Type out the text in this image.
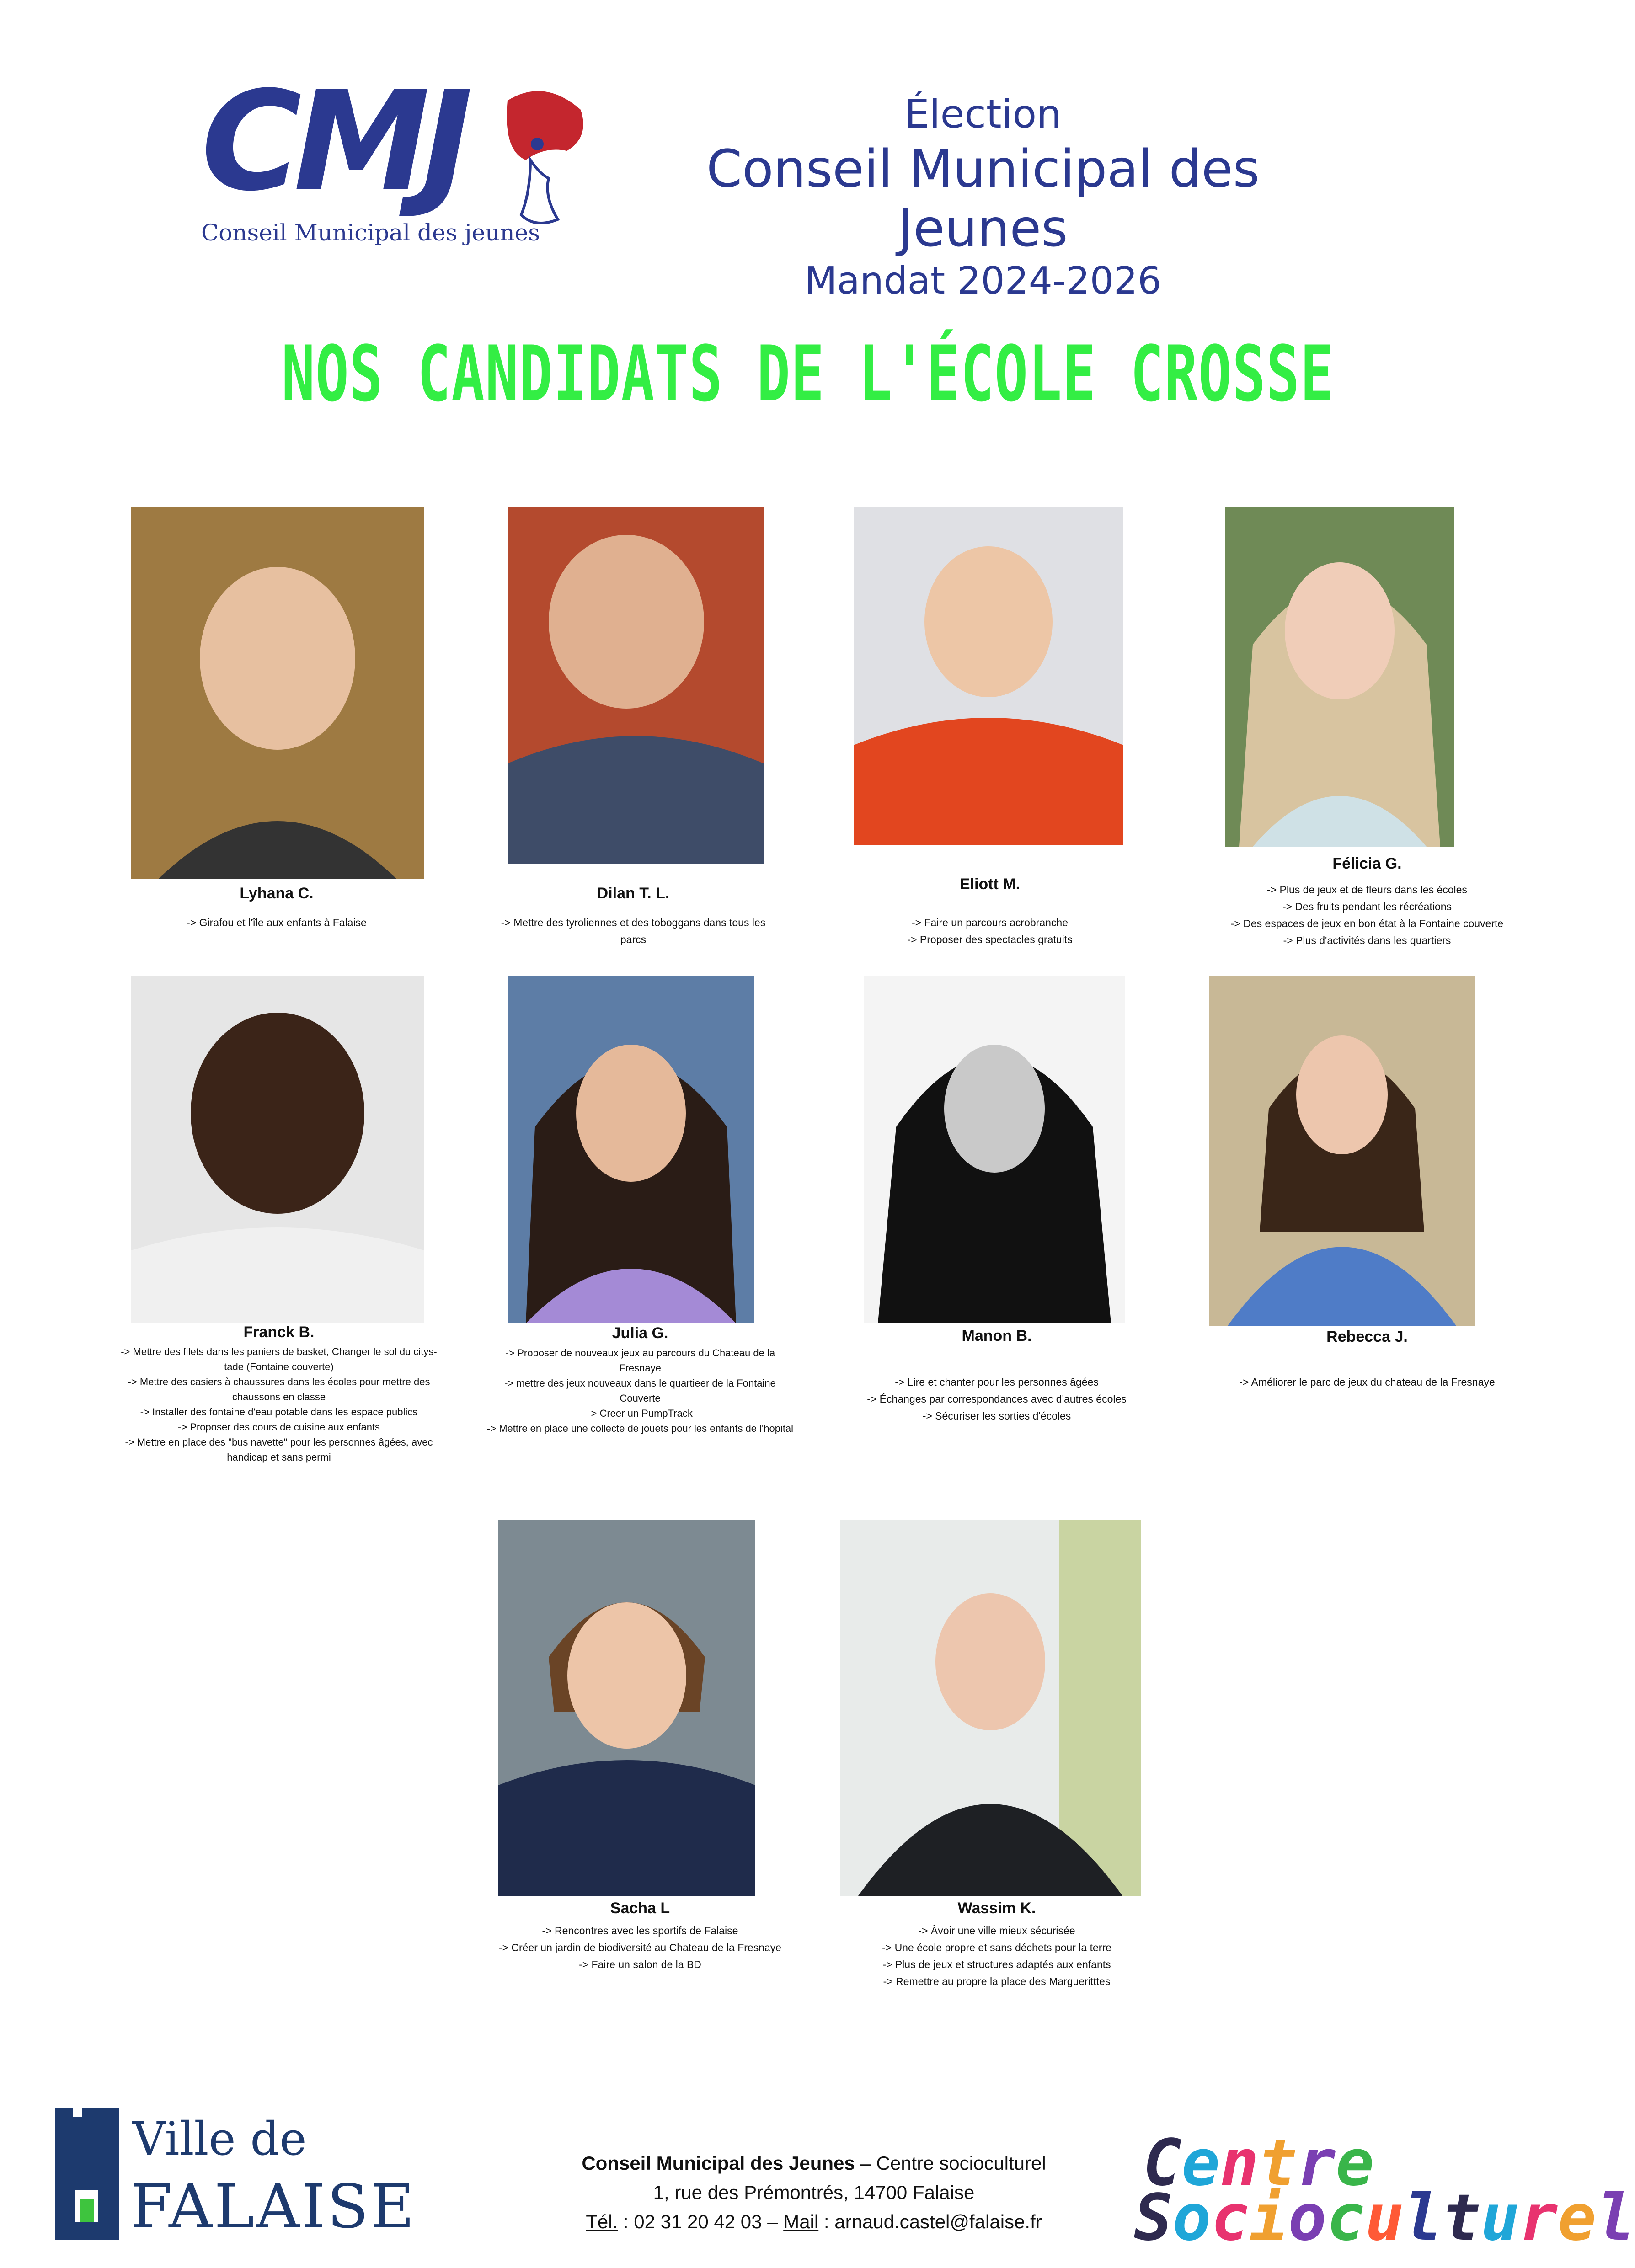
CMJ
Conseil Municipal des jeunes
Élection
Conseil Municipal des Jeunes
Mandat 2024-2026
NOS CANDIDATS DE L'ÉCOLE CROSSE
Lyhana C.

-> Girafou et l'île aux enfants à Falaise

Dilan T. L.

-> Mettre des tyroliennes et des toboggans dans tous les parcs

Eliott M.

-> Faire un parcours acrobranche

-> Proposer des spectacles gratuits

Félicia G.

-> Plus de jeux et de fleurs dans les écoles

-> Des fruits pendant les récréations

-> Des espaces de jeux en bon état à la Fontaine couverte

-> Plus d'activités dans les quartiers

Franck B.

-> Mettre des filets dans les paniers de basket, Changer le sol du citys-tade (Fontaine couverte)

-> Mettre des casiers à chaussures dans les écoles pour mettre des chaussons en classe

-> Installer des fontaine d'eau potable dans les espace publics

-> Proposer des cours de cuisine aux enfants

-> Mettre en place des "bus navette" pour les personnes âgées, avec handicap et sans permi

Julia G.

-> Proposer de nouveaux jeux au parcours du Chateau de la Fresnaye

-> mettre des jeux nouveaux dans le quartieer de la Fontaine Couverte

-> Creer un PumpTrack

-> Mettre en place une collecte de jouets pour les enfants de l'hopital

Manon B.

-> Lire et chanter pour les personnes âgées

-> Échanges par correspondances avec d'autres écoles

-> Sécuriser les sorties d'écoles

Rebecca J.

-> Améliorer le parc de jeux du chateau de la Fresnaye

Sacha L

-> Rencontres avec les sportifs de Falaise

-> Créer un jardin de biodiversité au Chateau de la Fresnaye

-> Faire un salon de la BD

Wassim K.

-> Âvoir une ville mieux sécurisée

-> Une école propre et sans déchets pour la terre

-> Plus de jeux et structures adaptés aux enfants

-> Remettre au propre la place des Margueritttes

Ville de
FALAISE
Conseil Municipal des Jeunes – Centre socioculturel
1, rue des Prémontrés, 14700 Falaise
Tél. : 02 31 20 42 03 – Mail : arnaud.castel@falaise.fr
Centre
Socioculturel
